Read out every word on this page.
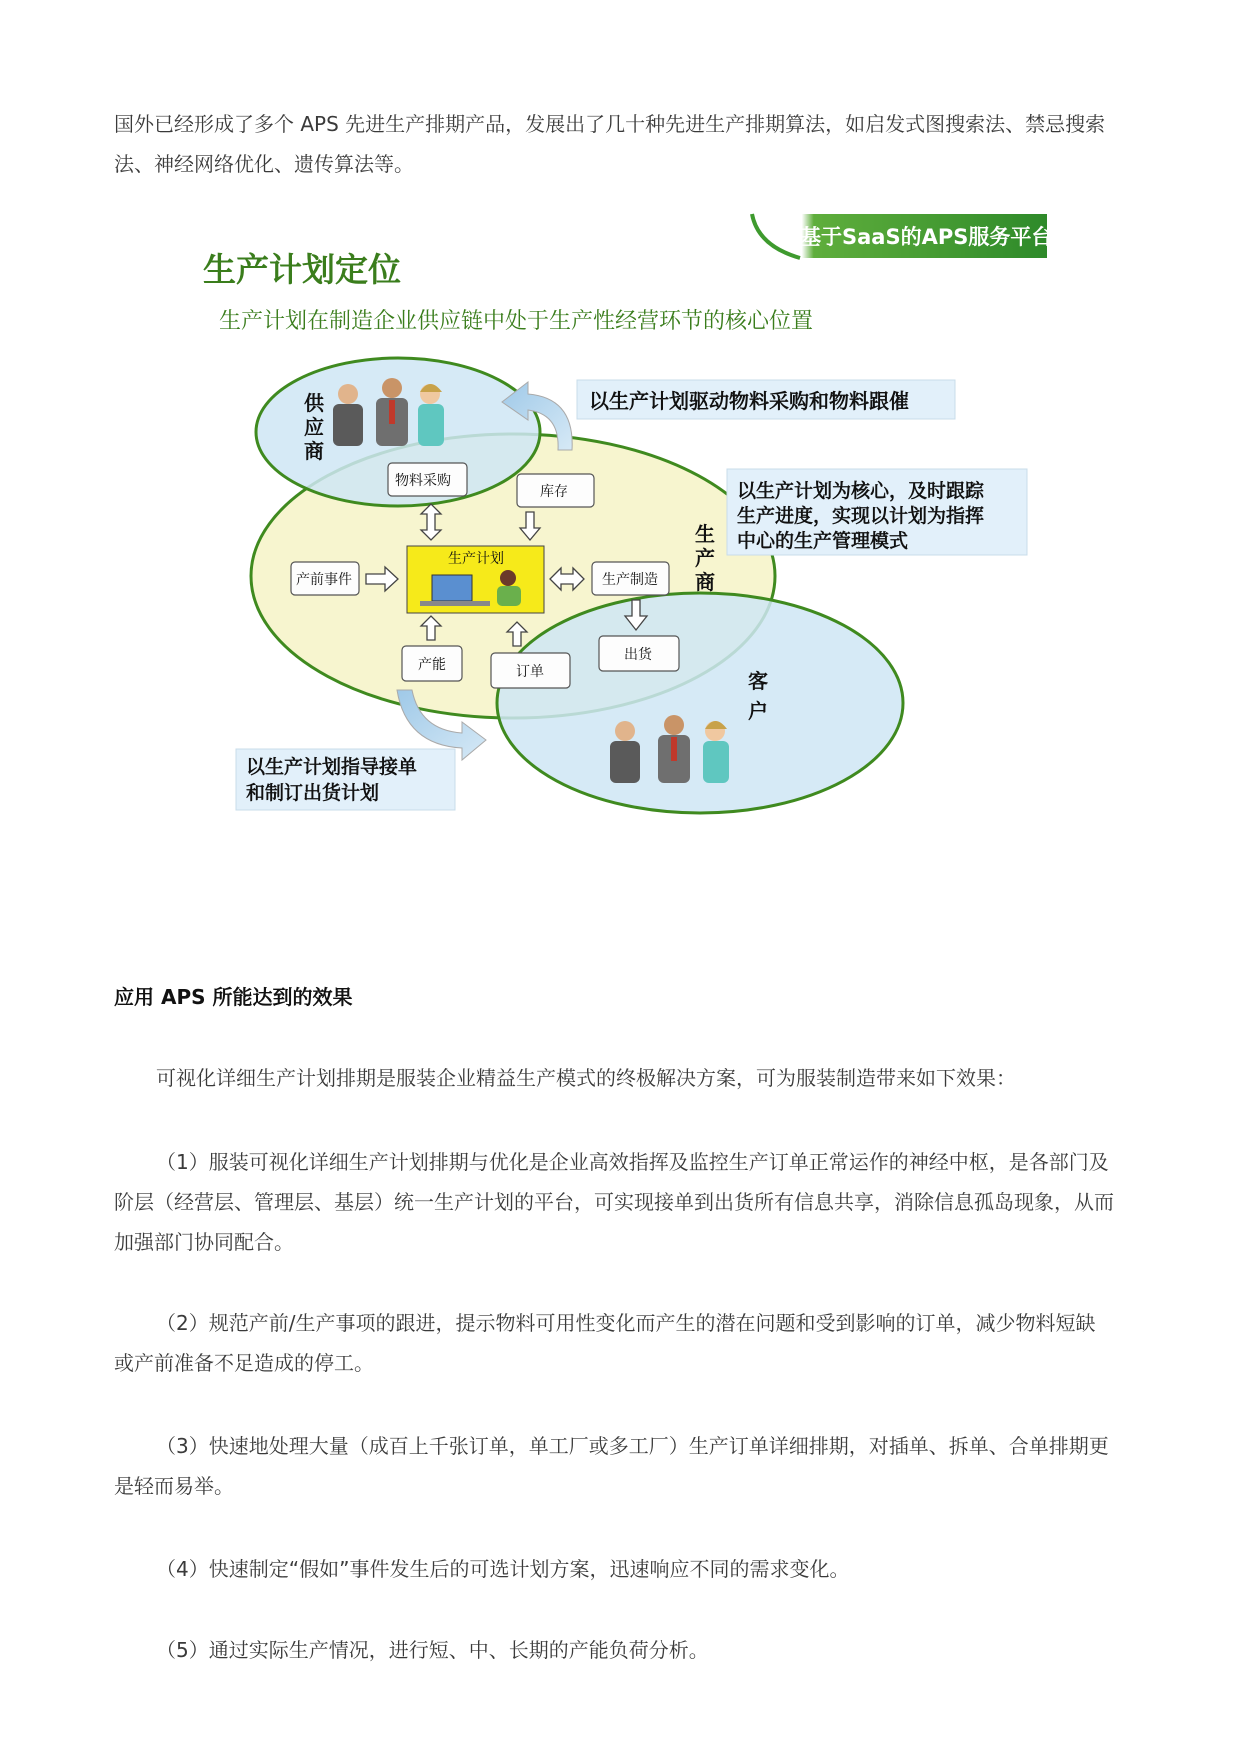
国外已经形成了多个 APS 先进生产排期产品，发展出了几十种先进生产排期算法，如启发式图搜索法、禁忌搜索法、神经网络优化、遗传算法等。

基于SaaS的APS服务平台
生产计划定位
生产计划在制造企业供应链中处于生产性经营环节的核心位置
供 应 商
生 产 商
客 户
生产计划
物料采购
库存
产前事件	生产制造
产能	订单
出货
以生产计划驱动物料采购和物料跟催
以生产计划为核心，及时跟踪
生产进度，实现以计划为指挥
中心的生产管理模式
以生产计划指导接单
和制订出货计划

应用 APS 所能达到的效果

可视化详细生产计划排期是服装企业精益生产模式的终极解决方案，可为服装制造带来如下效果：

（1）服装可视化详细生产计划排期与优化是企业高效指挥及监控生产订单正常运作的神经中枢，是各部门及阶层（经营层、管理层、基层）统一生产计划的平台，可实现接单到出货所有信息共享，消除信息孤岛现象，从而加强部门协同配合。

（2）规范产前/生产事项的跟进，提示物料可用性变化而产生的潜在问题和受到影响的订单，减少物料短缺或产前准备不足造成的停工。

（3）快速地处理大量（成百上千张订单，单工厂或多工厂）生产订单详细排期，对插单、拆单、合单排期更是轻而易举。

（4）快速制定“假如”事件发生后的可选计划方案，迅速响应不同的需求变化。

（5）通过实际生产情况，进行短、中、长期的产能负荷分析。
